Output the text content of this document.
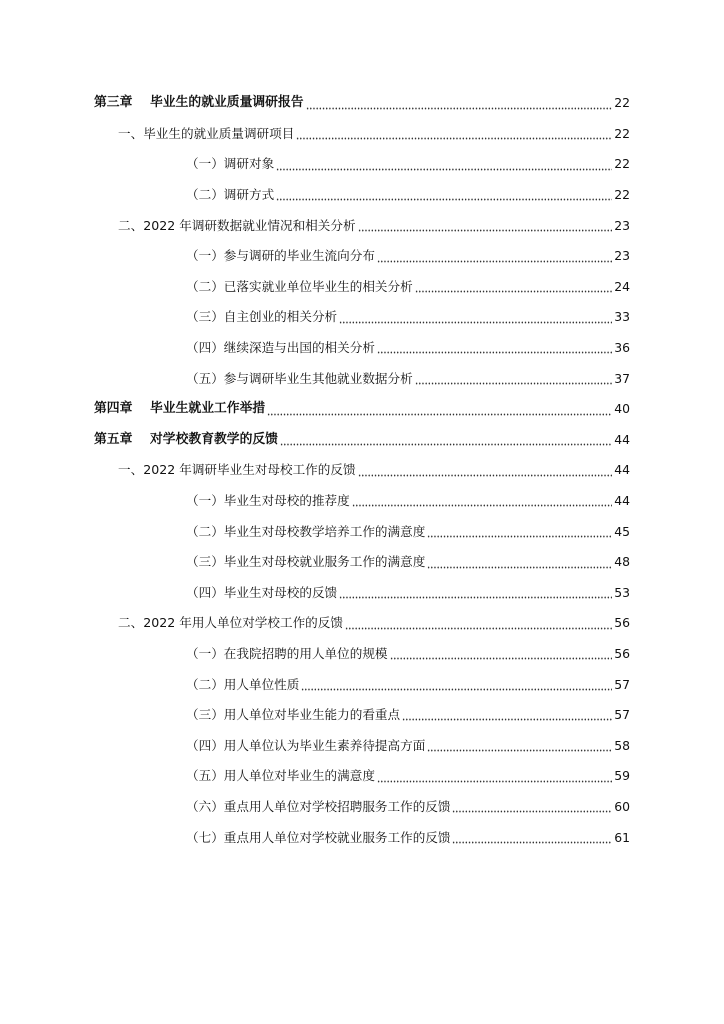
第三章 毕业生的就业质量调研报告	22
一、毕业生的就业质量调研项目	22
（一）调研对象	22
（二）调研方式	22
二、2022 年调研数据就业情况和相关分析	23
（一）参与调研的毕业生流向分布	23
（二）已落实就业单位毕业生的相关分析	24
（三）自主创业的相关分析	33
（四）继续深造与出国的相关分析	36
（五）参与调研毕业生其他就业数据分析	37
第四章 毕业生就业工作举措	40
第五章 对学校教育教学的反馈	44
一、2022 年调研毕业生对母校工作的反馈	44
（一）毕业生对母校的推荐度	44
（二）毕业生对母校教学培养工作的满意度	45
（三）毕业生对母校就业服务工作的满意度	48
（四）毕业生对母校的反馈	53
二、2022 年用人单位对学校工作的反馈	56
（一）在我院招聘的用人单位的规模	56
（二）用人单位性质	57
（三）用人单位对毕业生能力的看重点	57
（四）用人单位认为毕业生素养待提高方面	58
（五）用人单位对毕业生的满意度	59
（六）重点用人单位对学校招聘服务工作的反馈	60
（七）重点用人单位对学校就业服务工作的反馈	61
